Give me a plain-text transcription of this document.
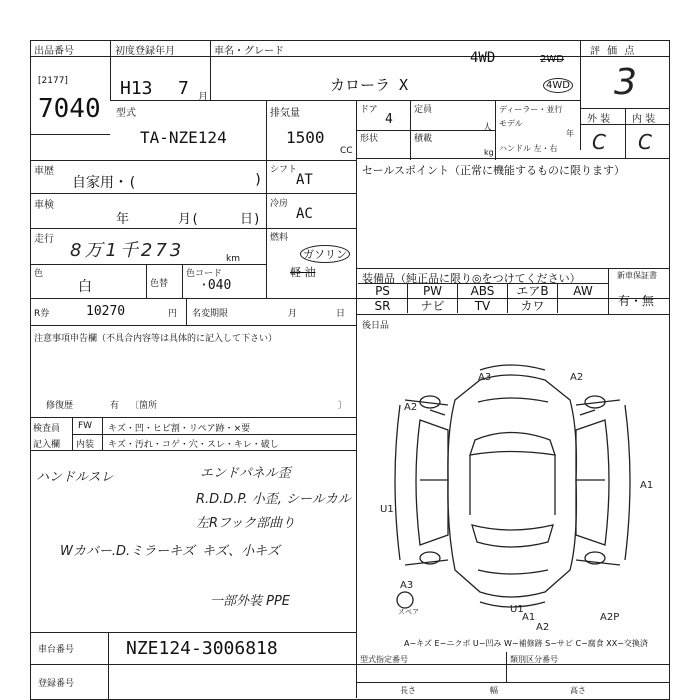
出品番号
[2177]
7040
初度登録年月
H13 7 月
車名・グレード	4WD	2WD
4WD
カローラ X
評 価 点
3
型式
TA-NZE124
排気量
1500
CC
ドア
4
定員
人
形状	積載
kg
ディーラー・並行
モデル
年
ハンドル 左・右
外 装 内 装
C C
車歴
自家用・(	)
シフト
AT
車検
年	月(	日)
冷房
AC
走行
8万1千273	km
燃料
ガソリン
軽 油
色
白	色替
色コード
·040
セールスポイント（正常に機能するものに限ります）
装備品（純正品に限り◎をつけてください）	新車保証書
有・無
PS	PW	ABS	エアB	AW
SR	ナビ	TV	カワ
後日品
R券	10270	円 名変期限	月	日
注意事項申告欄（不具合内容等は具体的に記入して下さい）
修復歴	有 〔箇所	〕
検査員
記入欄
FW キズ・凹・ヒビ割・リペア跡・×要
内装 キズ・汚れ・コゲ・穴・スレ・キレ・破し
ハンドルスレ	エンドパネル歪
R.D.D.P. 小歪, シールカル
左Rフック部曲り
Wカバー.D.ミラーキズ キズ、小キズ
一部外装 PPE
A3	A2
A2
A1
A3
A1
A2
A2P
U1
U1
スペア
A−キズ E−ニクボ U−凹み W−補修跡 S−サビ C−腐食 XX−交換済
車台番号	NZE124-3006818
登録番号
型式指定番号	類別区分番号
長さ	幅	高さ
